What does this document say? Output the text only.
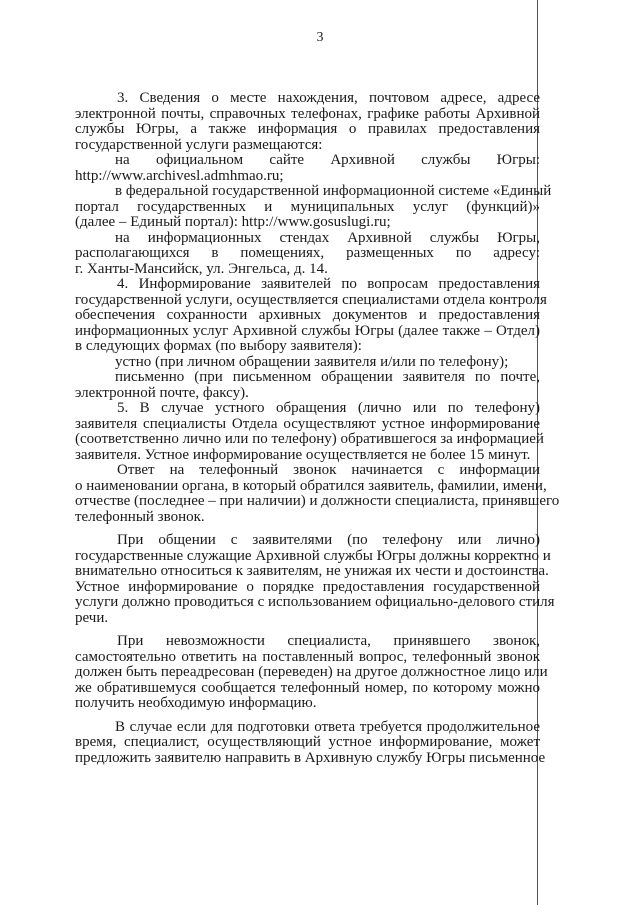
3
3. Сведения о месте нахождения, почтовом адресе, адресе
электронной почты, справочных телефонах, графике работы Архивной
службы Югры, а также информация о правилах предоставления
государственной услуги размещаются:
на официальном сайте Архивной службы Югры:
http://www.archivesl.admhmao.ru;
в федеральной государственной информационной системе «Единый
портал государственных и муниципальных услуг (функций)»
(далее – Единый портал): http://www.gosuslugi.ru;
на информационных стендах Архивной службы Югры,
располагающихся в помещениях, размещенных по адресу:
г. Ханты-Мансийск, ул. Энгельса, д. 14.
4. Информирование заявителей по вопросам предоставления
государственной услуги, осуществляется специалистами отдела контроля
обеспечения сохранности архивных документов и предоставления
информационных услуг Архивной службы Югры (далее также – Отдел)
в следующих формах (по выбору заявителя):
устно (при личном обращении заявителя и/или по телефону);
письменно (при письменном обращении заявителя по почте,
электронной почте, факсу).
5. В случае устного обращения (лично или по телефону)
заявителя специалисты Отдела осуществляют устное информирование
(соответственно лично или по телефону) обратившегося за информацией
заявителя. Устное информирование осуществляется не более 15 минут.
Ответ на телефонный звонок начинается с информации
о наименовании органа, в который обратился заявитель, фамилии, имени,
отчестве (последнее – при наличии) и должности специалиста, принявшего
телефонный звонок.
При общении с заявителями (по телефону или лично)
государственные служащие Архивной службы Югры должны корректно и
внимательно относиться к заявителям, не унижая их чести и достоинства.
Устное информирование о порядке предоставления государственной
услуги должно проводиться с использованием официально-делового стиля
речи.
При невозможности специалиста, принявшего звонок,
самостоятельно ответить на поставленный вопрос, телефонный звонок
должен быть переадресован (переведен) на другое должностное лицо или
же обратившемуся сообщается телефонный номер, по которому можно
получить необходимую информацию.
В случае если для подготовки ответа требуется продолжительное
время, специалист, осуществляющий устное информирование, может
предложить заявителю направить в Архивную службу Югры письменное
